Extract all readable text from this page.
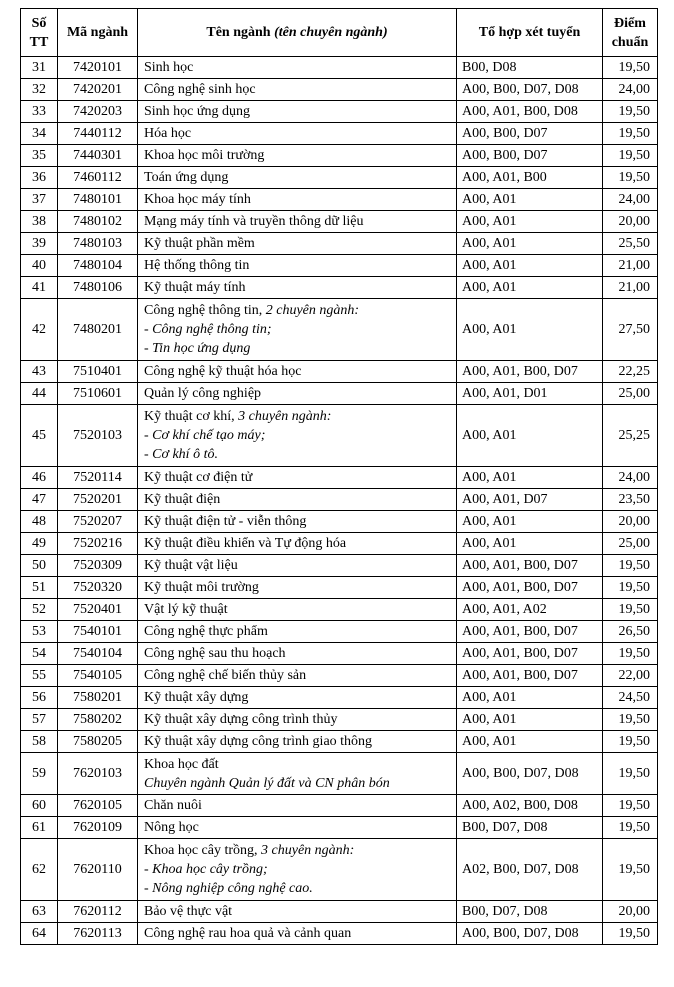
Số TT	Mã ngành	Tên ngành (tên chuyên ngành)	Tổ hợp xét tuyển	Điểm chuẩn
31	7420101	Sinh học	B00, D08	19,50
32	7420201	Công nghệ sinh học	A00, B00, D07, D08	24,00
33	7420203	Sinh học ứng dụng	A00, A01, B00, D08	19,50
34	7440112	Hóa học	A00, B00, D07	19,50
35	7440301	Khoa học môi trường	A00, B00, D07	19,50
36	7460112	Toán ứng dụng	A00, A01, B00	19,50
37	7480101	Khoa học máy tính	A00, A01	24,00
38	7480102	Mạng máy tính và truyền thông dữ liệu	A00, A01	20,00
39	7480103	Kỹ thuật phần mềm	A00, A01	25,50
40	7480104	Hệ thống thông tin	A00, A01	21,00
41	7480106	Kỹ thuật máy tính	A00, A01	21,00
42	7480201	Công nghệ thông tin, 2 chuyên ngành:
- Công nghệ thông tin;
- Tin học ứng dụng	A00, A01	27,50
43	7510401	Công nghệ kỹ thuật hóa học	A00, A01, B00, D07	22,25
44	7510601	Quản lý công nghiệp	A00, A01, D01	25,00
45	7520103	Kỹ thuật cơ khí, 3 chuyên ngành:
- Cơ khí chế tạo máy;
- Cơ khí ô tô.	A00, A01	25,25
46	7520114	Kỹ thuật cơ điện tử	A00, A01	24,00
47	7520201	Kỹ thuật điện	A00, A01, D07	23,50
48	7520207	Kỹ thuật điện tử - viễn thông	A00, A01	20,00
49	7520216	Kỹ thuật điều khiển và Tự động hóa	A00, A01	25,00
50	7520309	Kỹ thuật vật liệu	A00, A01, B00, D07	19,50
51	7520320	Kỹ thuật môi trường	A00, A01, B00, D07	19,50
52	7520401	Vật lý kỹ thuật	A00, A01, A02	19,50
53	7540101	Công nghệ thực phẩm	A00, A01, B00, D07	26,50
54	7540104	Công nghệ sau thu hoạch	A00, A01, B00, D07	19,50
55	7540105	Công nghệ chế biến thủy sản	A00, A01, B00, D07	22,00
56	7580201	Kỹ thuật xây dựng	A00, A01	24,50
57	7580202	Kỹ thuật xây dựng công trình thủy	A00, A01	19,50
58	7580205	Kỹ thuật xây dựng công trình giao thông	A00, A01	19,50
59	7620103	Khoa học đất
Chuyên ngành Quản lý đất và CN phân bón	A00, B00, D07, D08	19,50
60	7620105	Chăn nuôi	A00, A02, B00, D08	19,50
61	7620109	Nông học	B00, D07, D08	19,50
62	7620110	Khoa học cây trồng, 3 chuyên ngành:
- Khoa học cây trồng;
- Nông nghiệp công nghệ cao.	A02, B00, D07, D08	19,50
63	7620112	Bảo vệ thực vật	B00, D07, D08	20,00
64	7620113	Công nghệ rau hoa quả và cảnh quan	A00, B00, D07, D08	19,50
